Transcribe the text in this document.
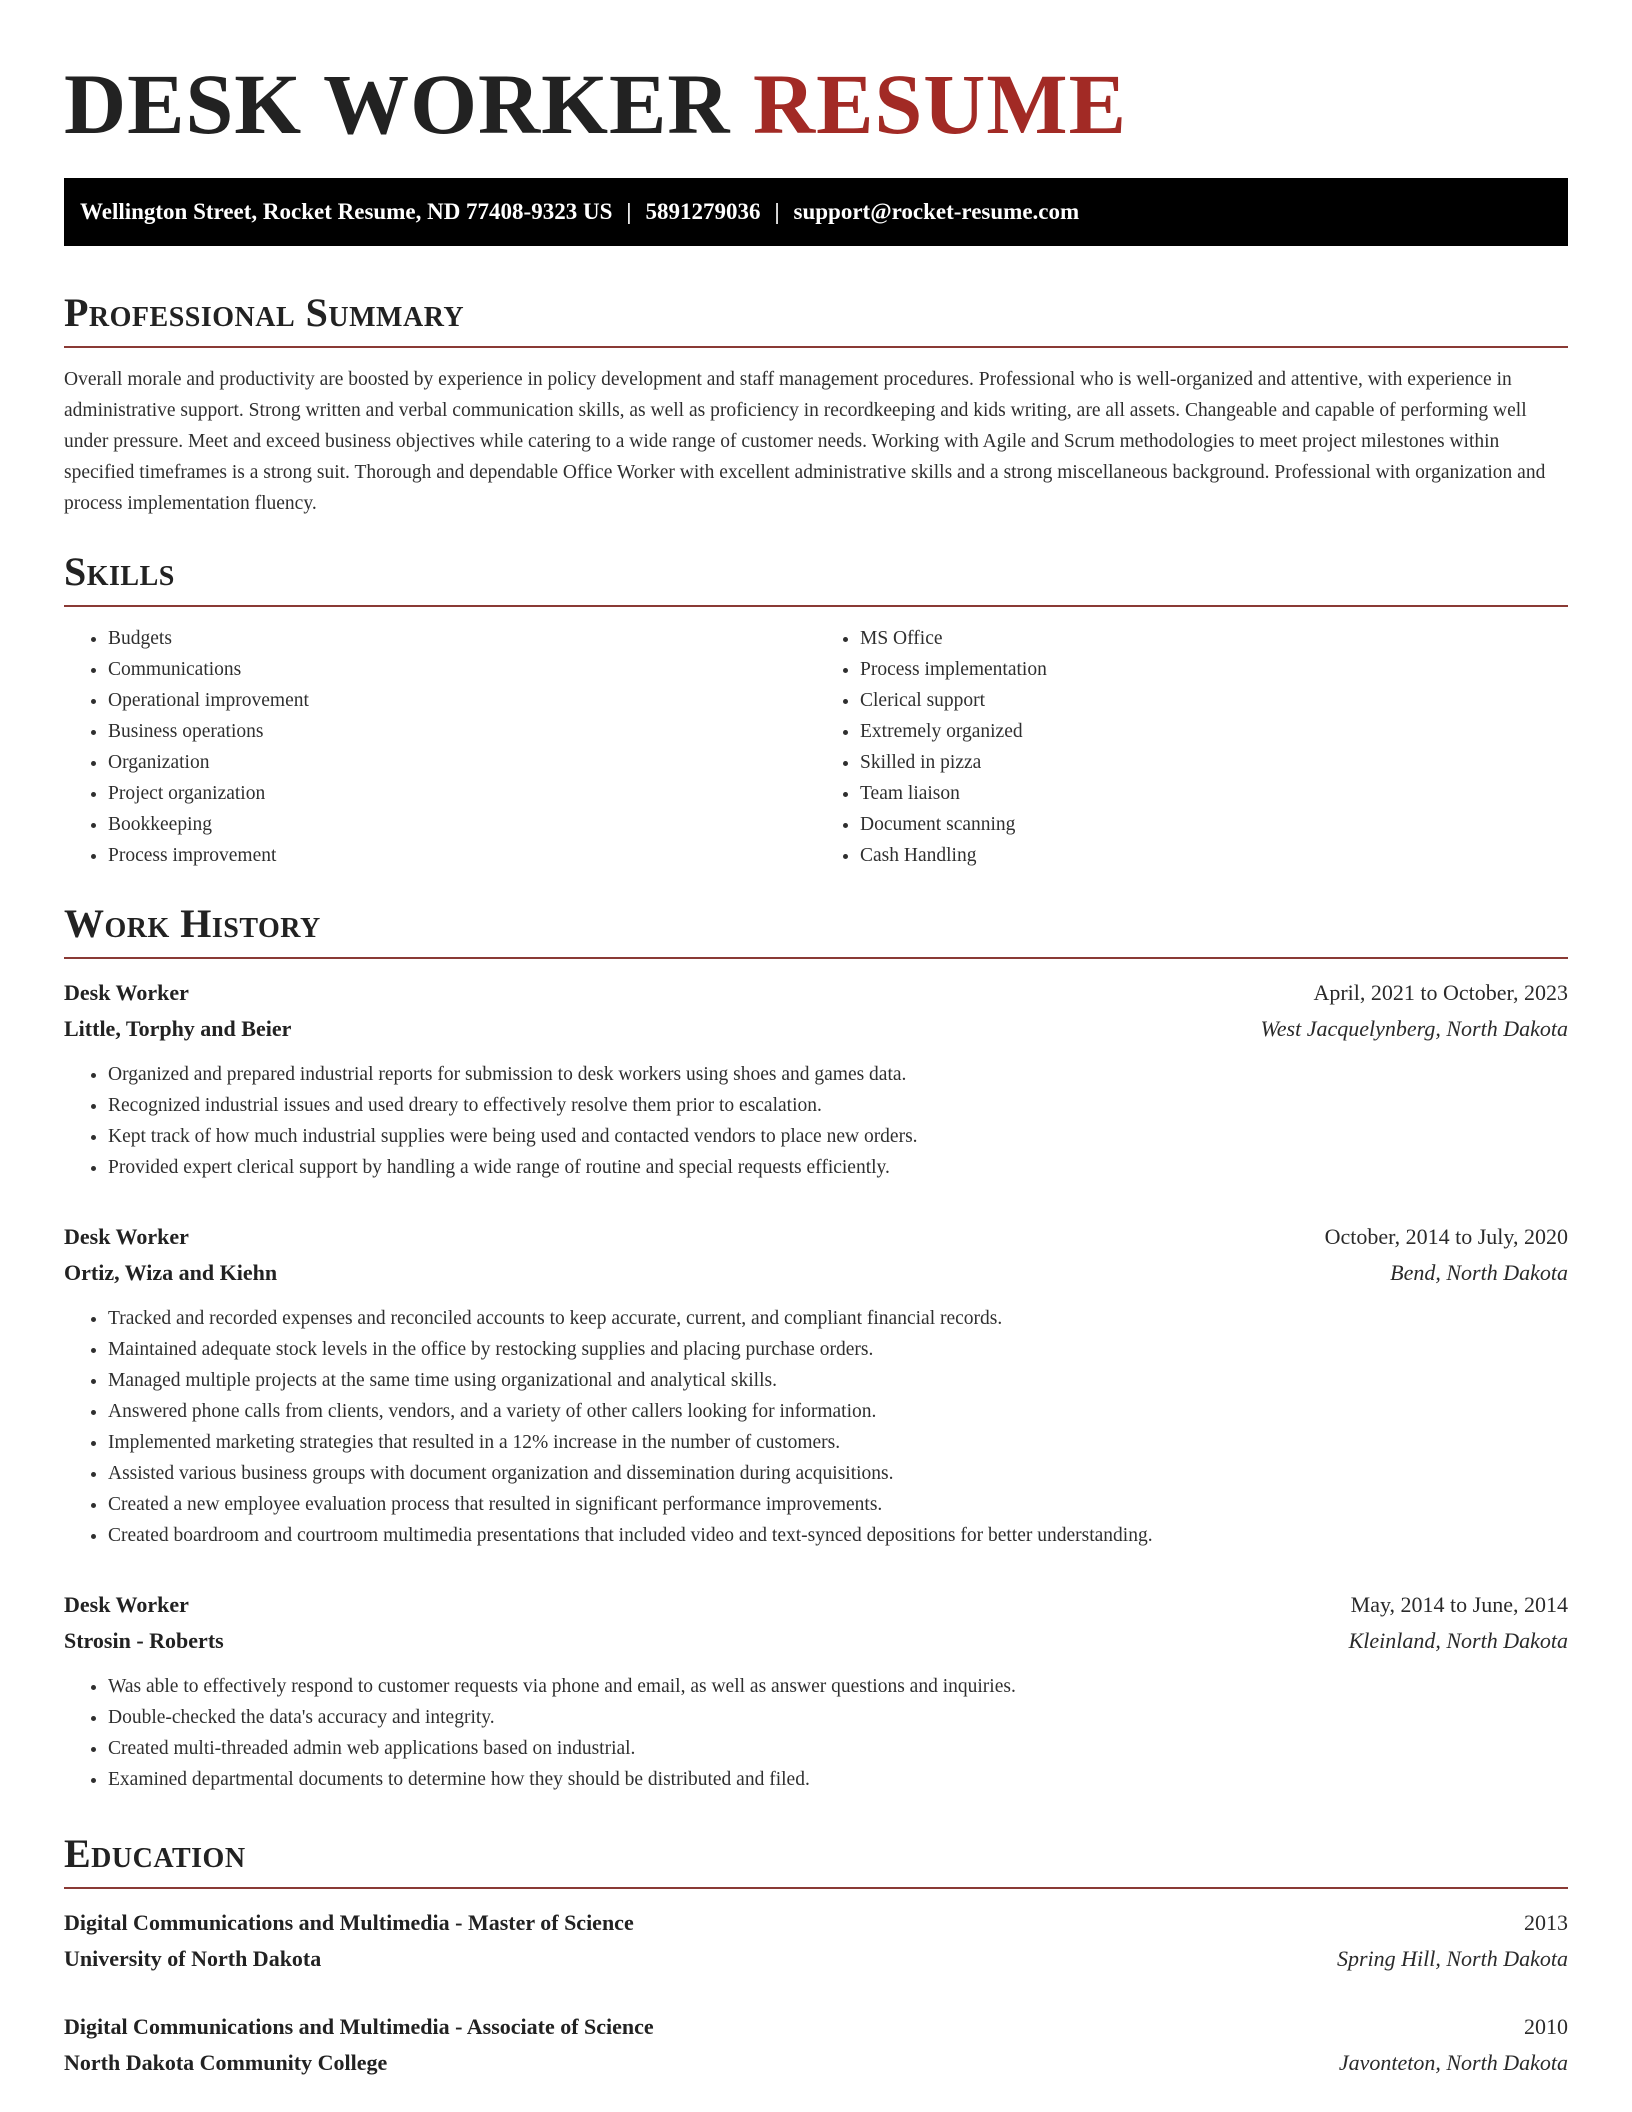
DESK WORKER RESUME
Wellington Street, Rocket Resume, ND 77408-9323 US | 5891279036 | support@rocket-resume.com
Professional Summary

Overall morale and productivity are boosted by experience in policy development and staff management procedures. Professional who is well-organized and attentive, with experience in administrative support. Strong written and verbal communication skills, as well as proficiency in recordkeeping and kids writing, are all assets. Changeable and capable of performing well under pressure. Meet and exceed business objectives while catering to a wide range of customer needs. Working with Agile and Scrum methodologies to meet project milestones within specified timeframes is a strong suit. Thorough and dependable Office Worker with excellent administrative skills and a strong miscellaneous background. Professional with organization and process implementation fluency.

Skills
• Budgets
• Communications
• Operational improvement
• Business operations
• Organization
• Project organization
• Bookkeeping
• Process improvement
• MS Office
• Process implementation
• Clerical support
• Extremely organized
• Skilled in pizza
• Team liaison
• Document scanning
• Cash Handling
Work History
Desk Worker	April, 2021 to October, 2023
Little, Torphy and Beier	West Jacquelynberg, North Dakota
• Organized and prepared industrial reports for submission to desk workers using shoes and games data.
• Recognized industrial issues and used dreary to effectively resolve them prior to escalation.
• Kept track of how much industrial supplies were being used and contacted vendors to place new orders.
• Provided expert clerical support by handling a wide range of routine and special requests efficiently.
Desk Worker	October, 2014 to July, 2020
Ortiz, Wiza and Kiehn	Bend, North Dakota
• Tracked and recorded expenses and reconciled accounts to keep accurate, current, and compliant financial records.
• Maintained adequate stock levels in the office by restocking supplies and placing purchase orders.
• Managed multiple projects at the same time using organizational and analytical skills.
• Answered phone calls from clients, vendors, and a variety of other callers looking for information.
• Implemented marketing strategies that resulted in a 12% increase in the number of customers.
• Assisted various business groups with document organization and dissemination during acquisitions.
• Created a new employee evaluation process that resulted in significant performance improvements.
• Created boardroom and courtroom multimedia presentations that included video and text-synced depositions for better understanding.
Desk Worker	May, 2014 to June, 2014
Strosin - Roberts	Kleinland, North Dakota
• Was able to effectively respond to customer requests via phone and email, as well as answer questions and inquiries.
• Double-checked the data's accuracy and integrity.
• Created multi-threaded admin web applications based on industrial.
• Examined departmental documents to determine how they should be distributed and filed.
Education
Digital Communications and Multimedia - Master of Science	2013
University of North Dakota	Spring Hill, North Dakota
Digital Communications and Multimedia - Associate of Science	2010
North Dakota Community College	Javonteton, North Dakota
